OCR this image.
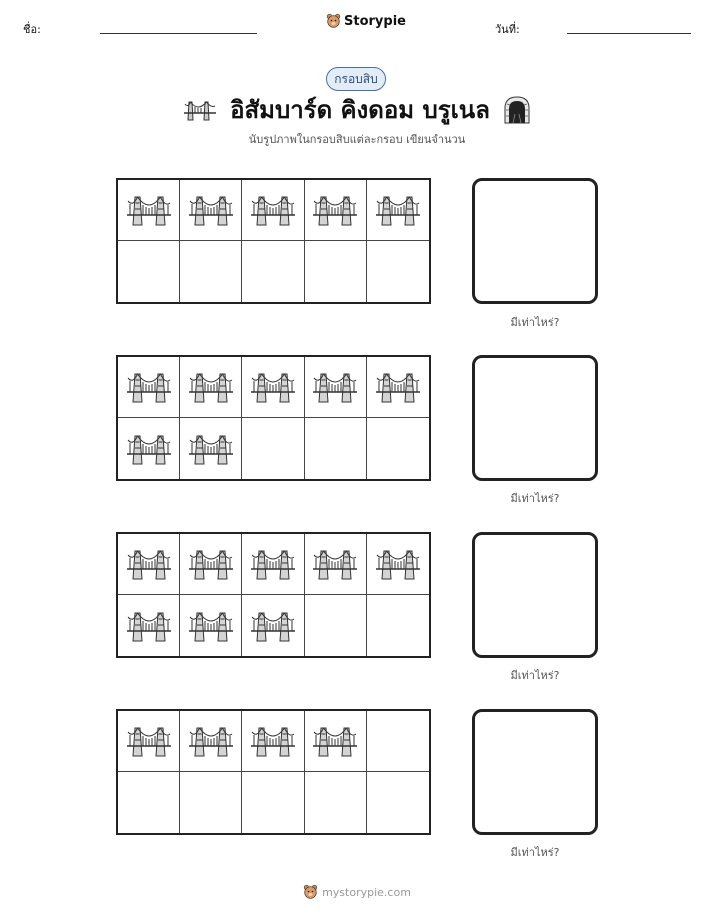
ชื่อ:
Storypie
วันที่:
กรอบสิบ
อิสัมบาร์ด คิงดอม บรูเนล
นับรูปภาพในกรอบสิบแต่ละกรอบ เขียนจำนวน
มีเท่าไหร่?
มีเท่าไหร่?
มีเท่าไหร่?
มีเท่าไหร่?
mystorypie.com
